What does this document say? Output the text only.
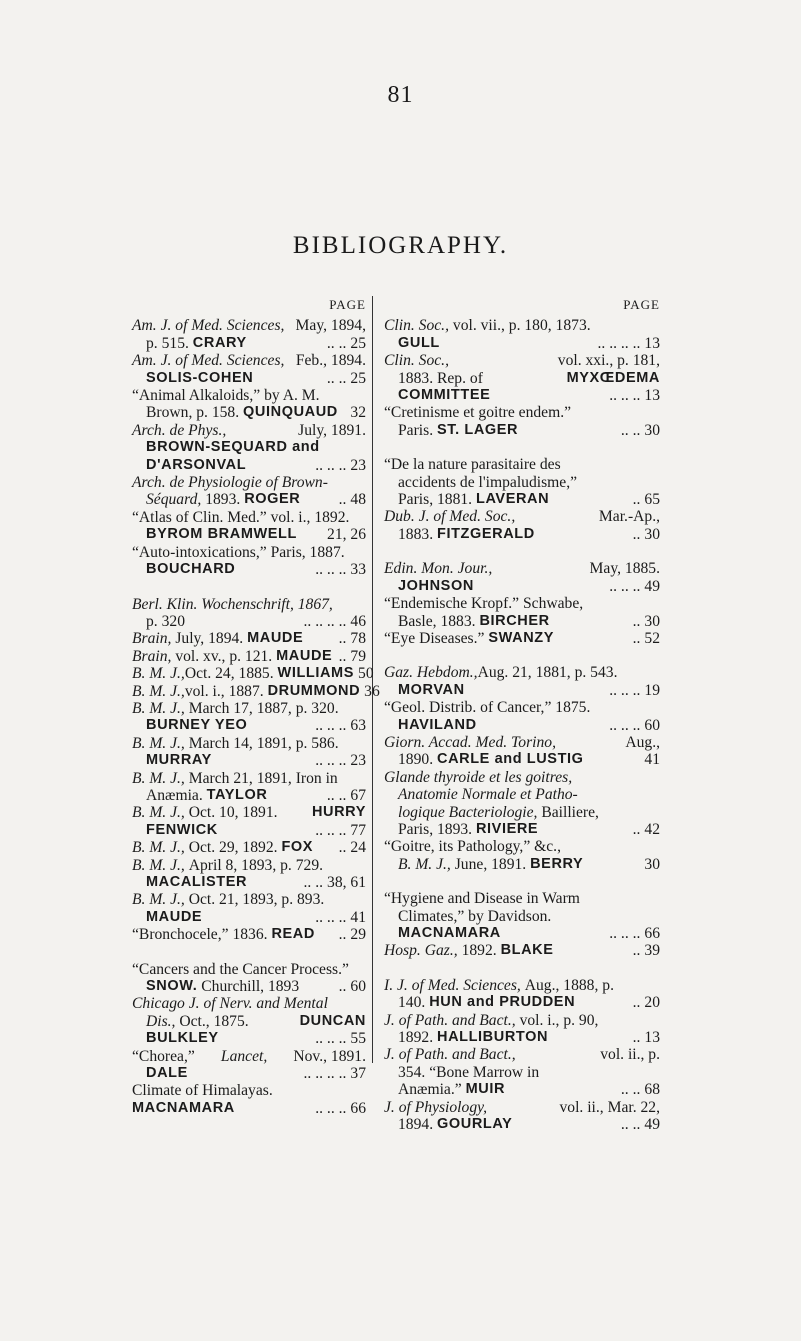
81
BIBLIOGRAPHY.
PAGE
Am. J. of Med. Sciences, May, 1894,
p. 515.
CRARY	.. .. 25
Am. J. of Med. Sciences, Feb., 1894.
SOLIS-COHEN	.. .. 25
“Animal Alkaloids,” by A. M.
Brown, p. 158.
QUINQUAUD 32
Arch. de Phys.,	July, 1891.
BROWN-SEQUARD and
D'ARSONVAL	.. .. .. 23
Arch. de Physiologie of Brown-
Séquard,
1893.
ROGER .. 48
“Atlas of Clin. Med.” vol. i., 1892.
BYROM BRAMWELL 21, 26
“Auto-intoxications,” Paris, 1887.
BOUCHARD	.. .. .. 33
Berl. Klin. Wochenschrift, 1867,
p. 320	.. .. .. .. 46
Brain,
July, 1894.
MAUDE .. 78
Brain,
vol. xv., p. 121.
MAUDE .. 79
B. M. J., Oct. 24, 1885.
WILLIAMS 50
B. M. J., vol. i., 1887.
DRUMMOND 36
B. M. J.,
March 17, 1887, p. 320.
BURNEY YEO	.. .. .. 63
B. M. J.,
March 14, 1891, p. 586.
MURRAY	.. .. .. 23
B. M. J.,
March 21, 1891, Iron in
Anæmia.
TAYLOR	.. .. 67
B. M. J.,
Oct. 10, 1891. HURRY
FENWICK	.. .. .. 77
B. M. J.,
Oct. 29, 1892.
FOX .. 24
B. M. J.,
April 8, 1893, p. 729.
MACALISTER	.. .. 38, 61
B. M. J.,
Oct. 21, 1893, p. 893.
MAUDE	.. .. .. 41
“Bronchocele,” 1836.
READ .. 29
“Cancers and the Cancer Process.”
SNOW.
Churchill, 1893	.. 60
Chicago J. of Nerv. and Mental
Dis.,
Oct., 1875.	DUNCAN
BULKLEY	.. .. .. 55
“Chorea,” Lancet, Nov., 1891.
DALE	.. .. .. .. 37
Climate of Himalayas.
MACNAMARA	.. .. .. 66
PAGE
Clin. Soc.,
vol. vii., p. 180, 1873.
GULL	.. .. .. .. 13
Clin. Soc.,	vol. xxi., p. 181,
1883. Rep. of	MYXŒDEMA
COMMITTEE	.. .. .. 13
“Cretinisme et goitre endem.”
Paris.
ST. LAGER	.. .. 30
“De la nature parasitaire des
accidents de l'impaludisme,”
Paris, 1881.
LAVERAN	.. 65
Dub. J. of Med. Soc.,	Mar.-Ap.,
1883.
FITZGERALD	.. 30
Edin. Mon. Jour.,	May, 1885.
JOHNSON	.. .. .. 49
“Endemische Kropf.” Schwabe,
Basle, 1883.
BIRCHER	.. 30
“Eye Diseases.”
SWANZY	.. 52
Gaz. Hebdom., Aug. 21, 1881, p. 543.
MORVAN	.. .. .. 19
“Geol. Distrib. of Cancer,” 1875.
HAVILAND	.. .. .. 60
Giorn. Accad. Med. Torino,	Aug.,
1890.
CARLE and LUSTIG	41
Glande thyroide et les goitres,
Anatomie Normale et Patho-
logique Bacteriologie,
Bailliere,
Paris, 1893.
RIVIERE	.. 42
“Goitre, its Pathology,” &c.,
B. M. J.,
June, 1891.
BERRY	30
“Hygiene and Disease in Warm
Climates,” by Davidson.
MACNAMARA	.. .. .. 66
Hosp. Gaz.,
1892.
BLAKE	.. 39
I. J. of Med. Sciences,
Aug., 1888, p.
140.
HUN and PRUDDEN	.. 20
J. of Path. and Bact.,
vol. i., p. 90,
1892.
HALLIBURTON	.. 13
J. of Path. and Bact.,	vol. ii., p.
354. “Bone Marrow in
Anæmia.”
MUIR	.. .. 68
J. of Physiology,	vol. ii., Mar. 22,
1894.
GOURLAY	.. .. 49
